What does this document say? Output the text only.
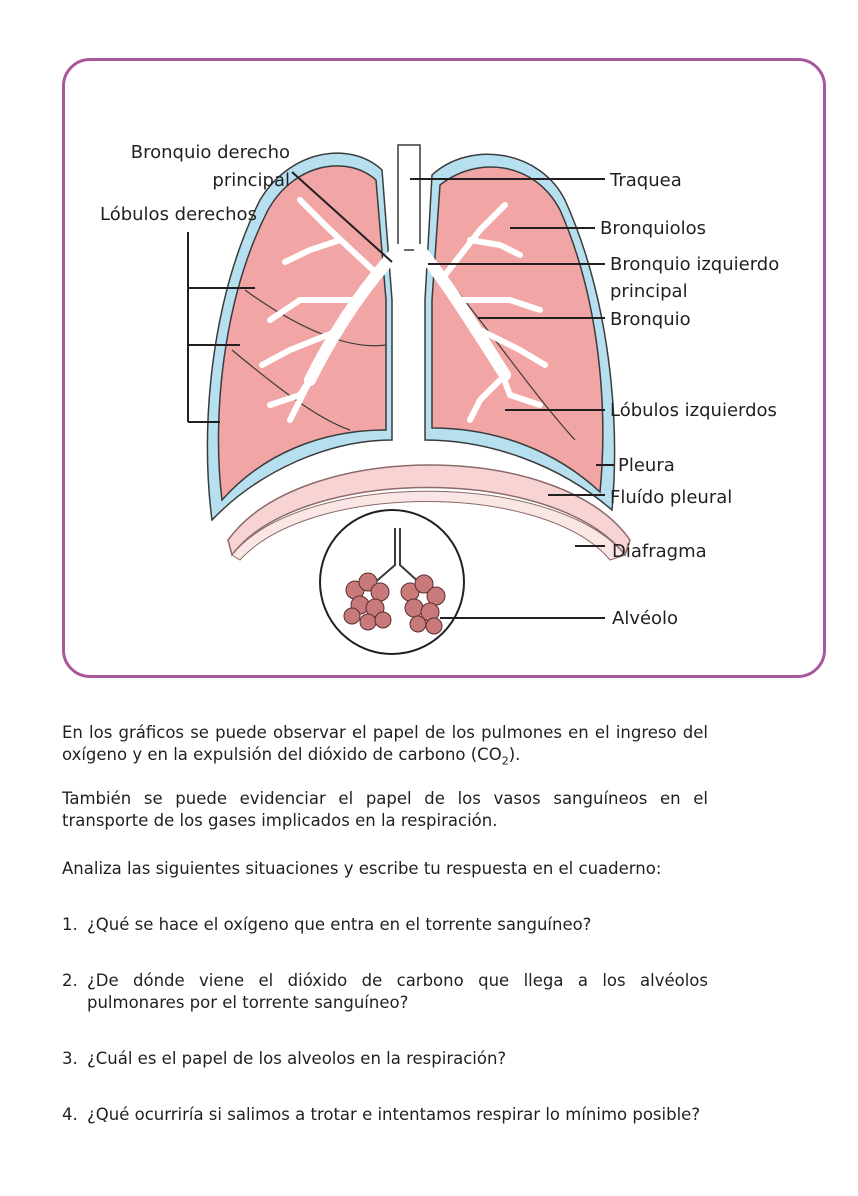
Bronquio derecho
principal
Lóbulos derechos
Traquea
Bronquiolos
Bronquio izquierdo
principal
Bronquio
Lóbulos izquierdos
Pleura
Fluído pleural
Diafragma
Alvéolo

En los gráficos se puede observar el papel de los pulmones en el ingreso del oxígeno y en la expulsión del dióxido de carbono $(CO_2)$.

También se puede evidenciar el papel de los vasos sanguíneos en el transporte de los gases implicados en la respiración.

Analiza las siguientes situaciones y escribe tu respuesta en el cuaderno:

1. ¿Qué se hace el oxígeno que entra en el torrente sanguíneo?
2. ¿De dónde viene el dióxido de carbono que llega a los alvéolos pulmonares por el torrente sanguíneo?
3. ¿Cuál es el papel de los alveolos en la respiración?
4. ¿Qué ocurriría si salimos a trotar e intentamos respirar lo mínimo posible?
